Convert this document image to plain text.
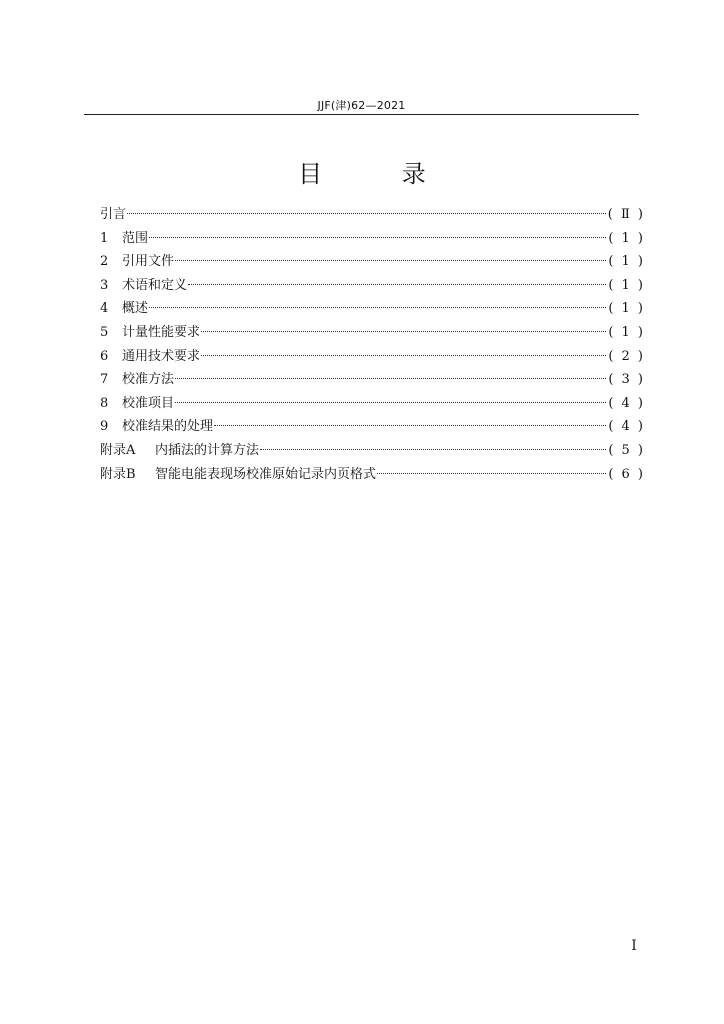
JJF(津)62—2021
目 录
引言	( Ⅱ )
1	范围	( 1 )
2	引用文件	( 1 )
3	术语和定义	( 1 )
4	概述	( 1 )
5	计量性能要求	( 1 )
6	通用技术要求	( 2 )
7	校准方法	( 3 )
8	校准项目	( 4 )
9	校准结果的处理	( 4 )
附录A	内插法的计算方法	( 5 )
附录B	智能电能表现场校准原始记录内页格式	( 6 )
I
